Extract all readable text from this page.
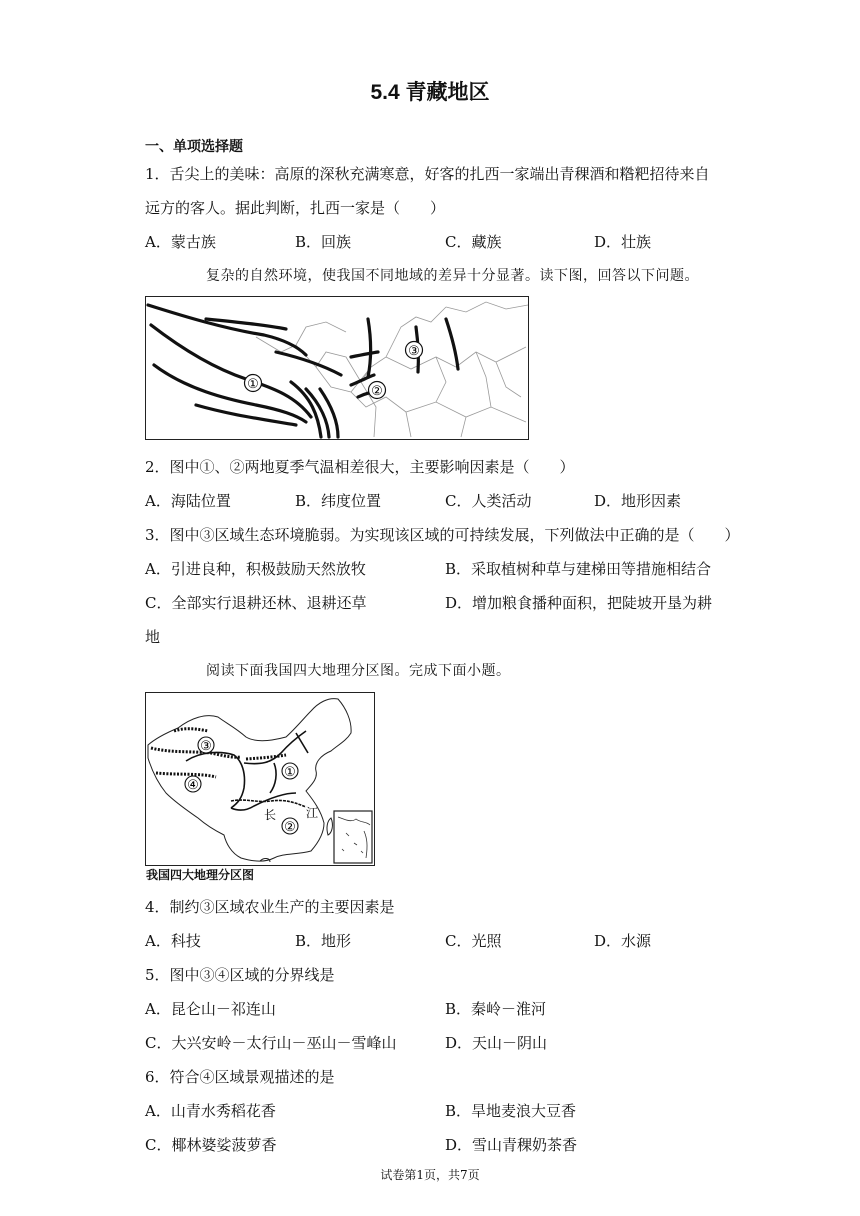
5.4 青藏地区
一、单项选择题
1．舌尖上的美味：高原的深秋充满寒意，好客的扎西一家端出青稞酒和糌粑招待来自
远方的客人。据此判断，扎西一家是（　　）
A．蒙古族	B．回族	C．藏族	D．壮族
复杂的自然环境，使我国不同地域的差异十分显著。读下图，回答以下问题。
①	②
③
2．图中①、②两地夏季气温相差很大，主要影响因素是（　　）
A．海陆位置	B．纬度位置	C．人类活动	D．地形因素
3．图中③区域生态环境脆弱。为实现该区域的可持续发展，下列做法中正确的是（　　）
A．引进良种，积极鼓励天然放牧	B．采取植树种草与建梯田等措施相结合
C．全部实行退耕还林、退耕还草	D．增加粮食播种面积，把陡坡开垦为耕
地
阅读下面我国四大地理分区图。完成下面小题。
③
④
①
②
长 江
我国四大地理分区图
4．制约③区域农业生产的主要因素是
A．科技	B．地形	C．光照	D．水源
5．图中③④区域的分界线是
A．昆仑山－祁连山	B．秦岭－淮河
C．大兴安岭－太行山－巫山－雪峰山	D．天山－阴山
6．符合④区域景观描述的是
A．山青水秀稻花香	B．旱地麦浪大豆香
C．椰林婆娑菠萝香	D．雪山青稞奶茶香
试卷第1页，共7页
